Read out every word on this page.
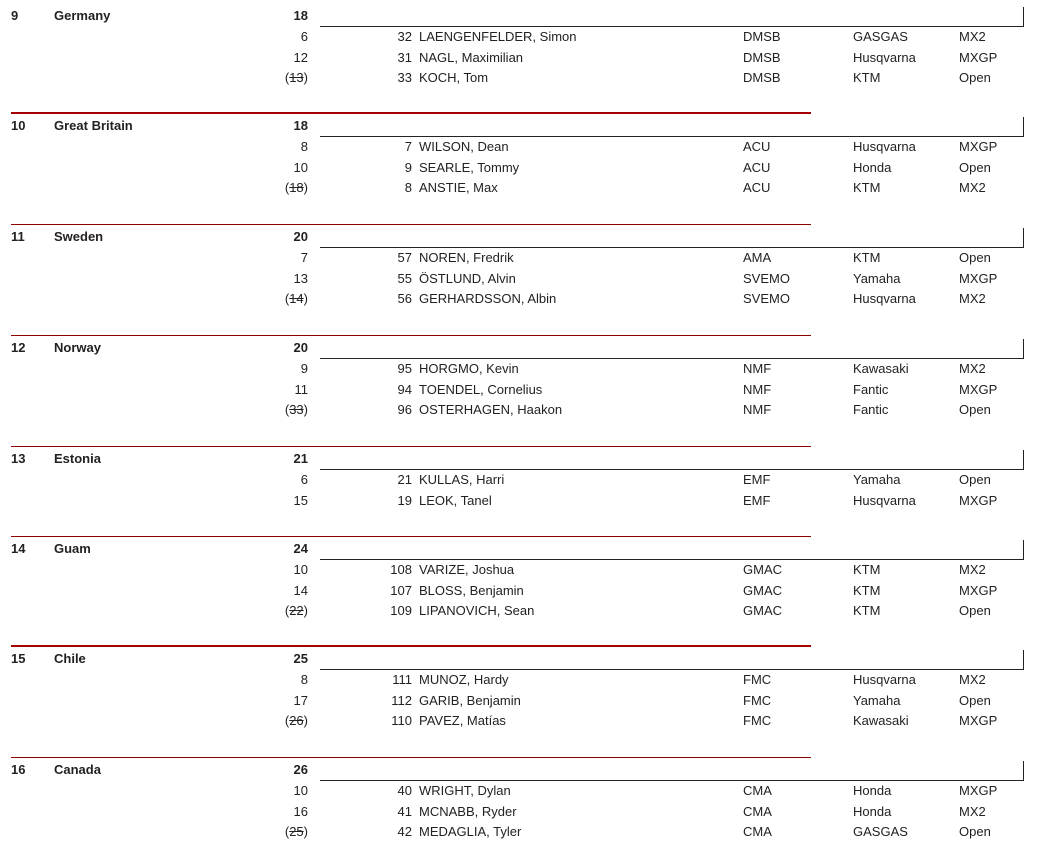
9	Germany	18
6	32 LAENGENFELDER, Simon	DMSB	GASGAS	MX2
12	31 NAGL, Maximilian	DMSB	Husqvarna	MXGP
(13)	33 KOCH, Tom	DMSB	KTM	Open
10 Great Britain	18
8	7 WILSON, Dean	ACU	Husqvarna	MXGP
10	9 SEARLE, Tommy	ACU	Honda	Open
(18)	8 ANSTIE, Max	ACU	KTM	MX2
11 Sweden	20
7	57 NOREN, Fredrik	AMA	KTM	Open
13	55 ÖSTLUND, Alvin	SVEMO	Yamaha	MXGP
(14)	56 GERHARDSSON, Albin	SVEMO	Husqvarna	MX2
12 Norway	20
9	95 HORGMO, Kevin	NMF	Kawasaki	MX2
11	94 TOENDEL, Cornelius	NMF	Fantic	MXGP
(33)	96 OSTERHAGEN, Haakon	NMF	Fantic	Open
13 Estonia	21
6	21 KULLAS, Harri	EMF	Yamaha	Open
15	19 LEOK, Tanel	EMF	Husqvarna	MXGP
14 Guam	24
10	108 VARIZE, Joshua	GMAC	KTM	MX2
14	107 BLOSS, Benjamin	GMAC	KTM	MXGP
(22)	109 LIPANOVICH, Sean	GMAC	KTM	Open
15 Chile	25
8	111 MUNOZ, Hardy	FMC	Husqvarna	MX2
17	112 GARIB, Benjamin	FMC	Yamaha	Open
(26)	110 PAVEZ, Matías	FMC	Kawasaki	MXGP
16 Canada	26
10	40 WRIGHT, Dylan	CMA	Honda	MXGP
16	41 MCNABB, Ryder	CMA	Honda	MX2
(25)	42 MEDAGLIA, Tyler	CMA	GASGAS	Open
